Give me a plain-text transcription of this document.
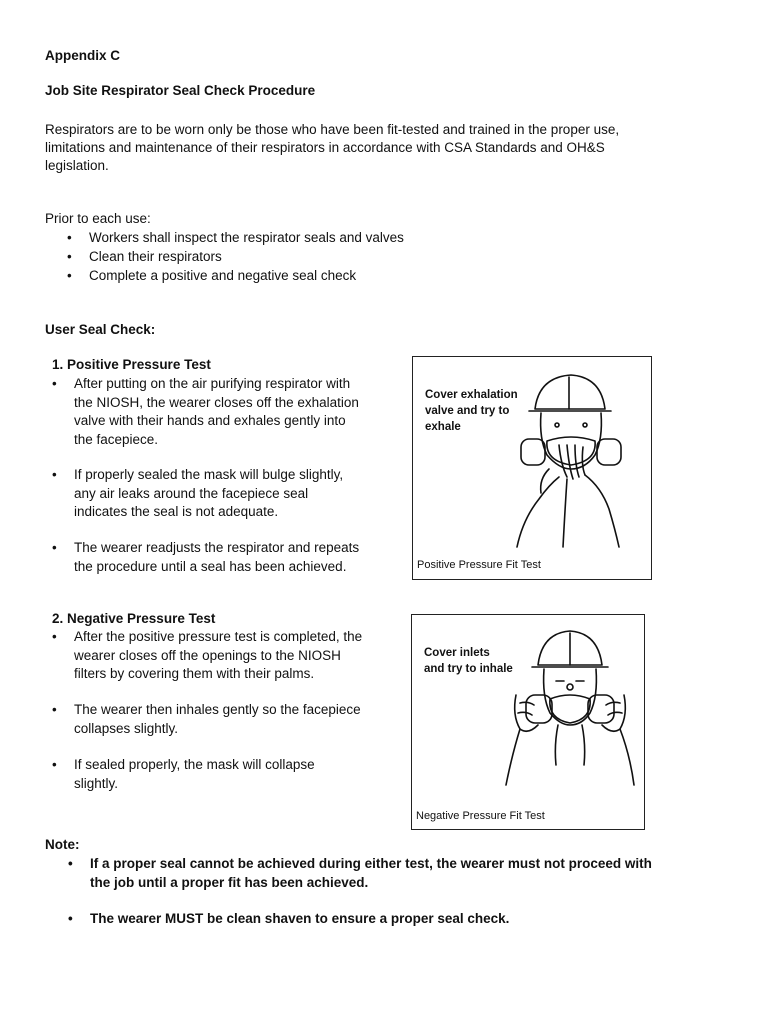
Appendix C
Job Site Respirator Seal Check Procedure
Respirators are to be worn only be those who have been fit-tested and trained in the proper use,
limitations and maintenance of their respirators in accordance with CSA Standards and OH&S
legislation.
Prior to each use:
• Workers shall inspect the respirator seals and valves
• Clean their respirators
• Complete a positive and negative seal check
User Seal Check:
1. Positive Pressure Test
• After putting on the air purifying respirator with
the NIOSH, the wearer closes off the exhalation
valve with their hands and exhales gently into
the facepiece.
• If properly sealed the mask will bulge slightly,
any air leaks around the facepiece seal
indicates the seal is not adequate.
• The wearer readjusts the respirator and repeats
the procedure until a seal has been achieved.
Cover exhalation
valve and try to
exhale
Positive Pressure Fit Test
2. Negative Pressure Test
• After the positive pressure test is completed, the
wearer closes off the openings to the NIOSH
filters by covering them with their palms.
• The wearer then inhales gently so the facepiece
collapses slightly.
• If sealed properly, the mask will collapse
slightly.
Cover inlets
and try to inhale
Negative Pressure Fit Test
Note:
• If a proper seal cannot be achieved during either test, the wearer must not proceed with
the job until a proper fit has been achieved.
• The wearer MUST be clean shaven to ensure a proper seal check.
